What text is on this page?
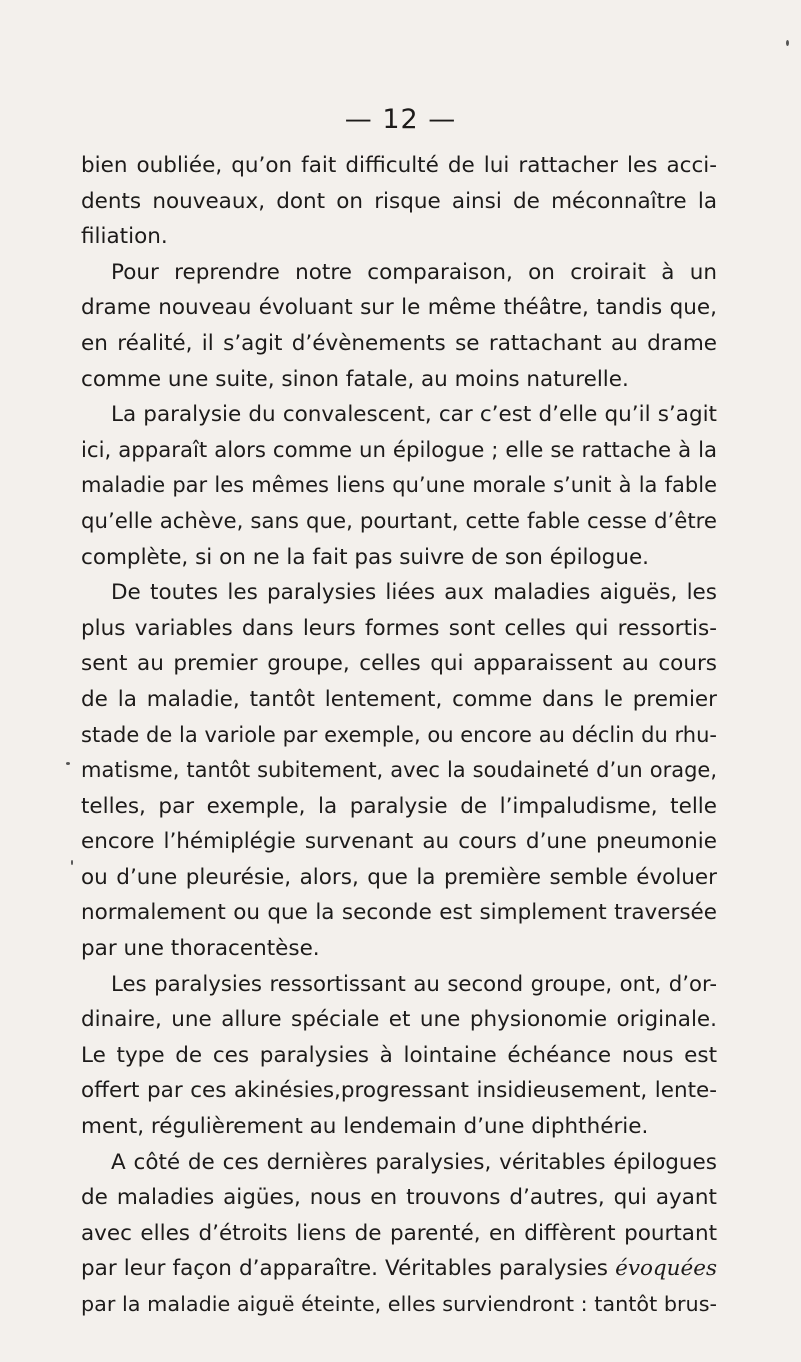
— 12 —
bien oubliée, qu’on fait difficulté de lui rattacher les acci-
dents nouveaux, dont on risque ainsi de méconnaître la
filiation.
Pour reprendre notre comparaison, on croirait à un
drame nouveau évoluant sur le même théâtre, tandis que,
en réalité, il s’agit d’évènements se rattachant au drame
comme une suite, sinon fatale, au moins naturelle.
La paralysie du convalescent, car c’est d’elle qu’il s’agit
ici, apparaît alors comme un épilogue ; elle se rattache à la
maladie par les mêmes liens qu’une morale s’unit à la fable
qu’elle achève, sans que, pourtant, cette fable cesse d’être
complète, si on ne la fait pas suivre de son épilogue.
De toutes les paralysies liées aux maladies aiguës, les
plus variables dans leurs formes sont celles qui ressortis-
sent au premier groupe, celles qui apparaissent au cours
de la maladie, tantôt lentement, comme dans le premier
stade de la variole par exemple, ou encore au déclin du rhu-
matisme, tantôt subitement, avec la soudaineté d’un orage,
telles, par exemple, la paralysie de l’impaludisme, telle
encore l’hémiplégie survenant au cours d’une pneumonie
ou d’une pleurésie, alors, que la première semble évoluer
normalement ou que la seconde est simplement traversée
par une thoracentèse.
Les paralysies ressortissant au second groupe, ont, d’or-
dinaire, une allure spéciale et une physionomie originale.
Le type de ces paralysies à lointaine échéance nous est
offert par ces akinésies,progressant insidieusement, lente-
ment, régulièrement au lendemain d’une diphthérie.
A côté de ces dernières paralysies, véritables épilogues
de maladies aigües, nous en trouvons d’autres, qui ayant
avec elles d’étroits liens de parenté, en diffèrent pourtant
par leur façon d’apparaître. Véritables paralysies évoquées
par la maladie aiguë éteinte, elles surviendront : tantôt brus-
